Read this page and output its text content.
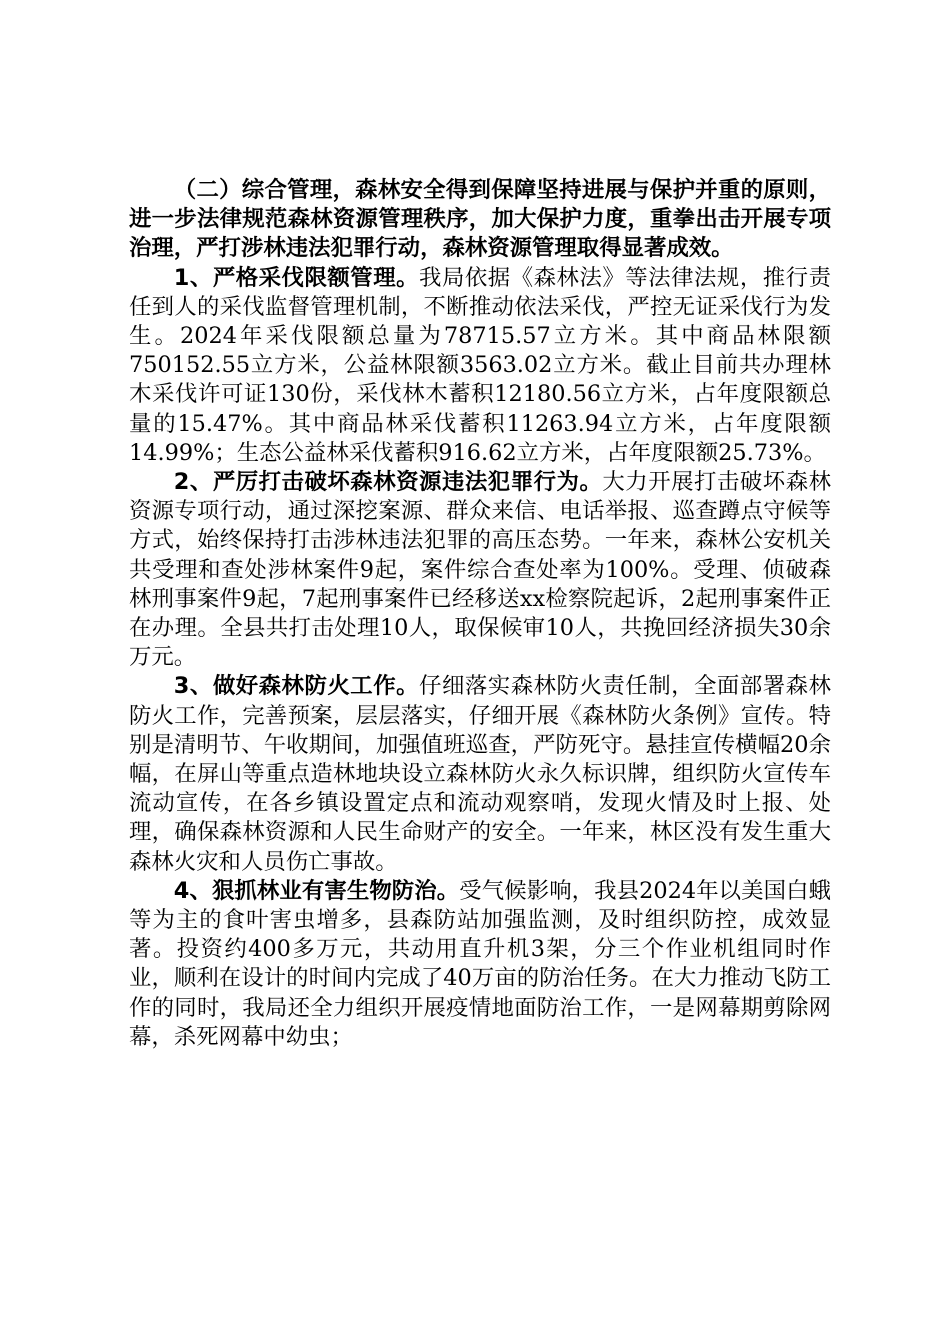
（二）综合管理，森林安全得到保障坚持进展与保护并重的原则，进一步法律规范森林资源管理秩序，加大保护力度，重拳出击开展专项治理，严打涉林违法犯罪行动，森林资源管理取得显著成效。

1、严格采伐限额管理。我局依据《森林法》等法律法规，推行责任到人的采伐监督管理机制，不断推动依法采伐，严控无证采伐行为发生。2024年采伐限额总量为78715.57立方米。其中商品林限额750152.55立方米，公益林限额3563.02立方米。截止目前共办理林木采伐许可证130份，采伐林木蓄积12180.56立方米，占年度限额总量的15.47%。其中商品林采伐蓄积11263.94立方米，占年度限额14.99%；生态公益林采伐蓄积916.62立方米，占年度限额25.73%。

2、严厉打击破坏森林资源违法犯罪行为。大力开展打击破坏森林资源专项行动，通过深挖案源、群众来信、电话举报、巡查蹲点守候等方式，始终保持打击涉林违法犯罪的高压态势。一年来，森林公安机关共受理和查处涉林案件9起，案件综合查处率为100%。受理、侦破森林刑事案件9起，7起刑事案件已经移送xx检察院起诉，2起刑事案件正在办理。全县共打击处理10人，取保候审10人，共挽回经济损失30余万元。

3、做好森林防火工作。仔细落实森林防火责任制，全面部署森林防火工作，完善预案，层层落实，仔细开展《森林防火条例》宣传。特别是清明节、午收期间，加强值班巡查，严防死守。悬挂宣传横幅20余幅，在屏山等重点造林地块设立森林防火永久标识牌，组织防火宣传车流动宣传，在各乡镇设置定点和流动观察哨，发现火情及时上报、处理，确保森林资源和人民生命财产的安全。一年来，林区没有发生重大森林火灾和人员伤亡事故。

4、狠抓林业有害生物防治。受气候影响，我县2024年以美国白蛾等为主的食叶害虫增多，县森防站加强监测，及时组织防控，成效显著。投资约400多万元，共动用直升机3架，分三个作业机组同时作业，顺利在设计的时间内完成了40万亩的防治任务。在大力推动飞防工作的同时，我局还全力组织开展疫情地面防治工作，一是网幕期剪除网幕，杀死网幕中幼虫；
